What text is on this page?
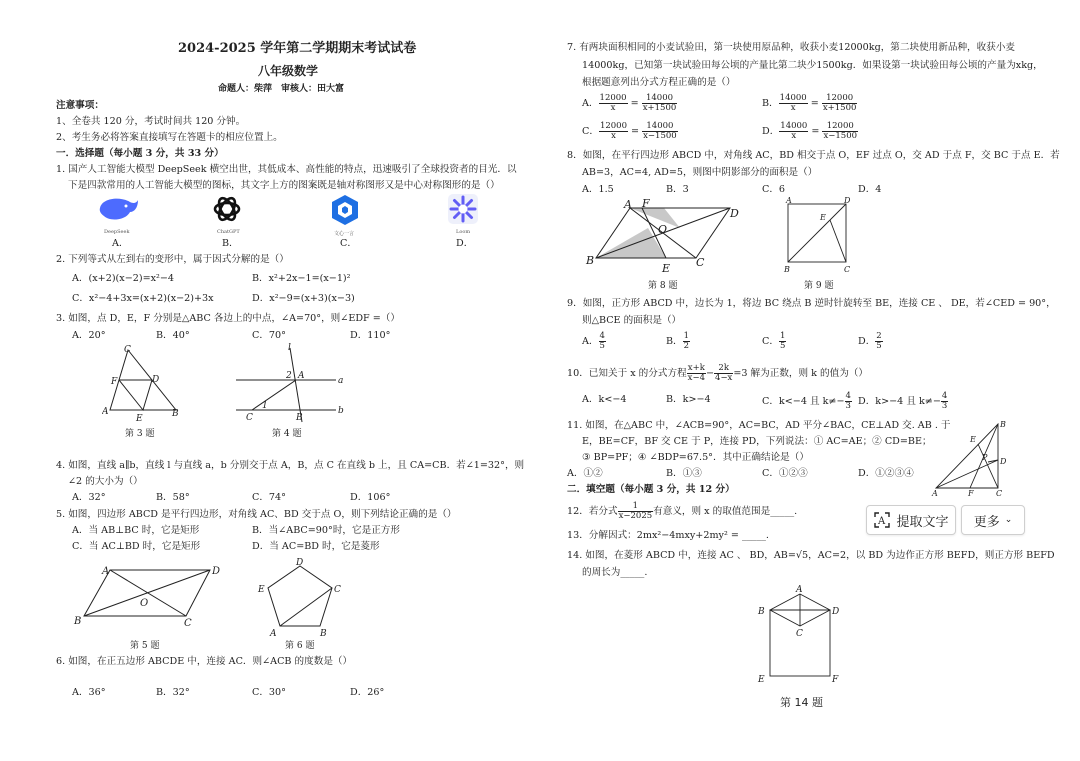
2024-2025 学年第二学期期末考试试卷
八年级数学
命题人：柴萍　审核人：田大富
注意事项：
1、全卷共 120 分，考试时间共 120 分钟。
2、考生务必将答案直接填写在答题卡的相应位置上。
一．选择题（每小题 3 分，共 33 分）
1. 国产人工智能大模型 DeepSeek 横空出世，其低成本、高性能的特点，迅速吸引了全球投资者的目光．以
下是四款常用的人工智能大模型的图标，其文字上方的图案既是轴对称图形又是中心对称图形的是（）
DeepSeek	ChatGPT	文心一言	Loom
A．	B．	C．	D．
2. 下列等式从左到右的变形中，属于因式分解的是（）
A．(x+2)(x−2)=x²−4	B．x²+2x−1=(x−1)²
C．x²−4+3x=(x+2)(x−2)+3x	D．x²−9=(x+3)(x−3)
3. 如图，点 D，E，F 分别是△ABC 各边上的中点，∠A=70°，则∠EDF =（）
A．20°	B．40°	C．70°	D．110°
C
F	D
A	B
E
第 3 题
l
A	a
b
C	B
2
1
第 4 题
4. 如图，直线 a∥b，直线 l 与直线 a，b 分别交于点 A，B，点 C 在直线 b 上，且 CA=CB．若∠1=32°，则
∠2 的大小为（）
A．32°	B．58°	C．74°	D．106°
5. 如图，四边形 ABCD 是平行四边形，对角线 AC、BD 交于点 O，则下列结论正确的是（）
A．当 AB⊥BC 时，它是矩形	B．当∠ABC=90°时，它是正方形
C．当 AC⊥BD 时，它是矩形	D．当 AC=BD 时，它是菱形
A	D
B	C
O
第 5 题
D
E	C
A	B
第 6 题
6. 如图，在正五边形 ABCDE 中，连接 AC．则∠ACB 的度数是（）
A．36°	B．32°	C．30°	D．26°
7. 有两块面积相同的小麦试验田，第一块使用原品种，收获小麦12000kg，第二块使用新品种，收获小麦
14000kg，已知第一块试验田每公顷的产量比第二块少1500kg．如果设第一块试验田每公顷的产量为xkg，
根据题意列出分式方程正确的是（）
A． $\frac{12000}{x} = \frac{14000}{x+1500}$	B． $\frac{14000}{x} = \frac{12000}{x+1500}$
C． $\frac{12000}{x} = \frac{14000}{x-1500}$	D． $\frac{14000}{x} = \frac{12000}{x-1500}$
8．如图，在平行四边形 ABCD 中，对角线 AC，BD 相交于点 O，EF 过点 O，交 AD 于点 F，交 BC 于点 E．若
AB=3，AC=4, AD=5，则图中阴影部分的面积是（）
A．1.5	B．3	C．6	D．4
A F
D
B	C
E
O
第 8 题
A	D
E
B	C
第 9 题
9．如图，正方形 ABCD 中，边长为 1，将边 BC 绕点 B 逆时针旋转至 BE，连接 CE 、 DE，若∠CED = 90°，
则△BCE 的面积是（）
A． $\frac{4}{5}$	B． $\frac{1}{2}$	C． $\frac{1}{5}$	D． $\frac{2}{5}$
10．已知关于 x 的分式方程 $\frac{x+k}{x-4} - \frac{2k}{4-x} =3$ 解为正数，则 k 的值为（）
A．k<−4	B．k>−4	C．k<−4 且 $k\ne- \frac{4}{3}$ D．k>−4 且 $k\ne- \frac{4}{3}$
11. 如图，在△ABC 中，∠ACB=90°，AC=BC，AD 平分∠BAC，CE⊥AD 交. AB . 于
E，BE=CF，BF 交 CE 于 P，连接 PD，下列说法：① AC=AE；② CD=BE；
③ BP=PF；④ ∠BDP=67.5°．其中正确结论是（）
A．①②	B．①③	C．①②③	D．①②③④
B
E
P D
A	F	C
二．填空题（每小题 3 分，共 12 分）
12．若分式 $\frac{1}{x-2025}$ 有意义，则 x 的取值范围是_____.
A 提取文字 更多 ⌄
13．分解因式：2mx²−4mxy+2my² = _____.
14. 如图，在菱形 ABCD 中，连接 AC 、 BD，AB=√5，AC=2，以 BD 为边作正方形 BEFD，则正方形 BEFD
的周长为_____.
A
B	D
C
E	F
第 14 题
